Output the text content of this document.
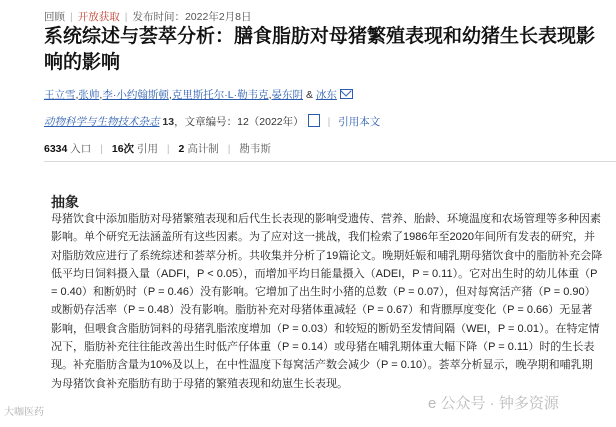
回顾 | 开放获取 | 发布时间：2022年2月8日
系统综述与荟萃分析：膳食脂肪对母猪繁殖表现和幼猪生长表现影响的影响
王立雪,张帅,李·小约翰斯顿,克里斯托尔·L·勒韦克,晏东阴 & 冰东
动物科学与生物技术杂志 13，文章编号：12（2022年） | 引用本文
6334 入口 | 16次 引用 | 2 高计制 | 勘韦斯
抽象

母猪饮食中添加脂肪对母猪繁殖表现和后代生长表现的影响受遗传、营养、胎龄、环境温度和农场管理等多种因素影响。单个研究无法涵盖所有这些因素。为了应对这一挑战，我们检索了1986年至2020年间所有发表的研究，并对脂肪效应进行了系统综述和荟萃分析。共收集并分析了19篇论文。晚期妊娠和哺乳期母猪饮食中的脂肪补充会降低平均日饲料摄入量（ADFI，P < 0.05），而增加平均日能量摄入（ADEI，P = 0.11）。它对出生时的幼儿体重（P = 0.40）和断奶时（P = 0.46）没有影响。它增加了出生时小猪的总数（P = 0.07），但对每窝活产猪（P = 0.90）或断奶存活率（P = 0.48）没有影响。脂肪补充对母猪体重减轻（P = 0.67）和背膘厚度变化（P = 0.66）无显著影响，但喂食含脂肪饲料的母猪乳脂浓度增加（P = 0.03）和较短的断奶至发情间隔（WEI，P = 0.01）。在特定情况下，脂肪补充往往能改善出生时低产仔体重（P = 0.14）或母猪在哺乳期体重大幅下降（P = 0.11）时的生长表现。补充脂肪含量为10%及以上，在中性温度下每窝活产数会减少（P = 0.10）。荟萃分析显示，晚孕期和哺乳期为母猪饮食补充脂肪有助于母猪的繁殖表现和幼崽生长表现。

大咖医药
e 公众号 · 钟多资源
